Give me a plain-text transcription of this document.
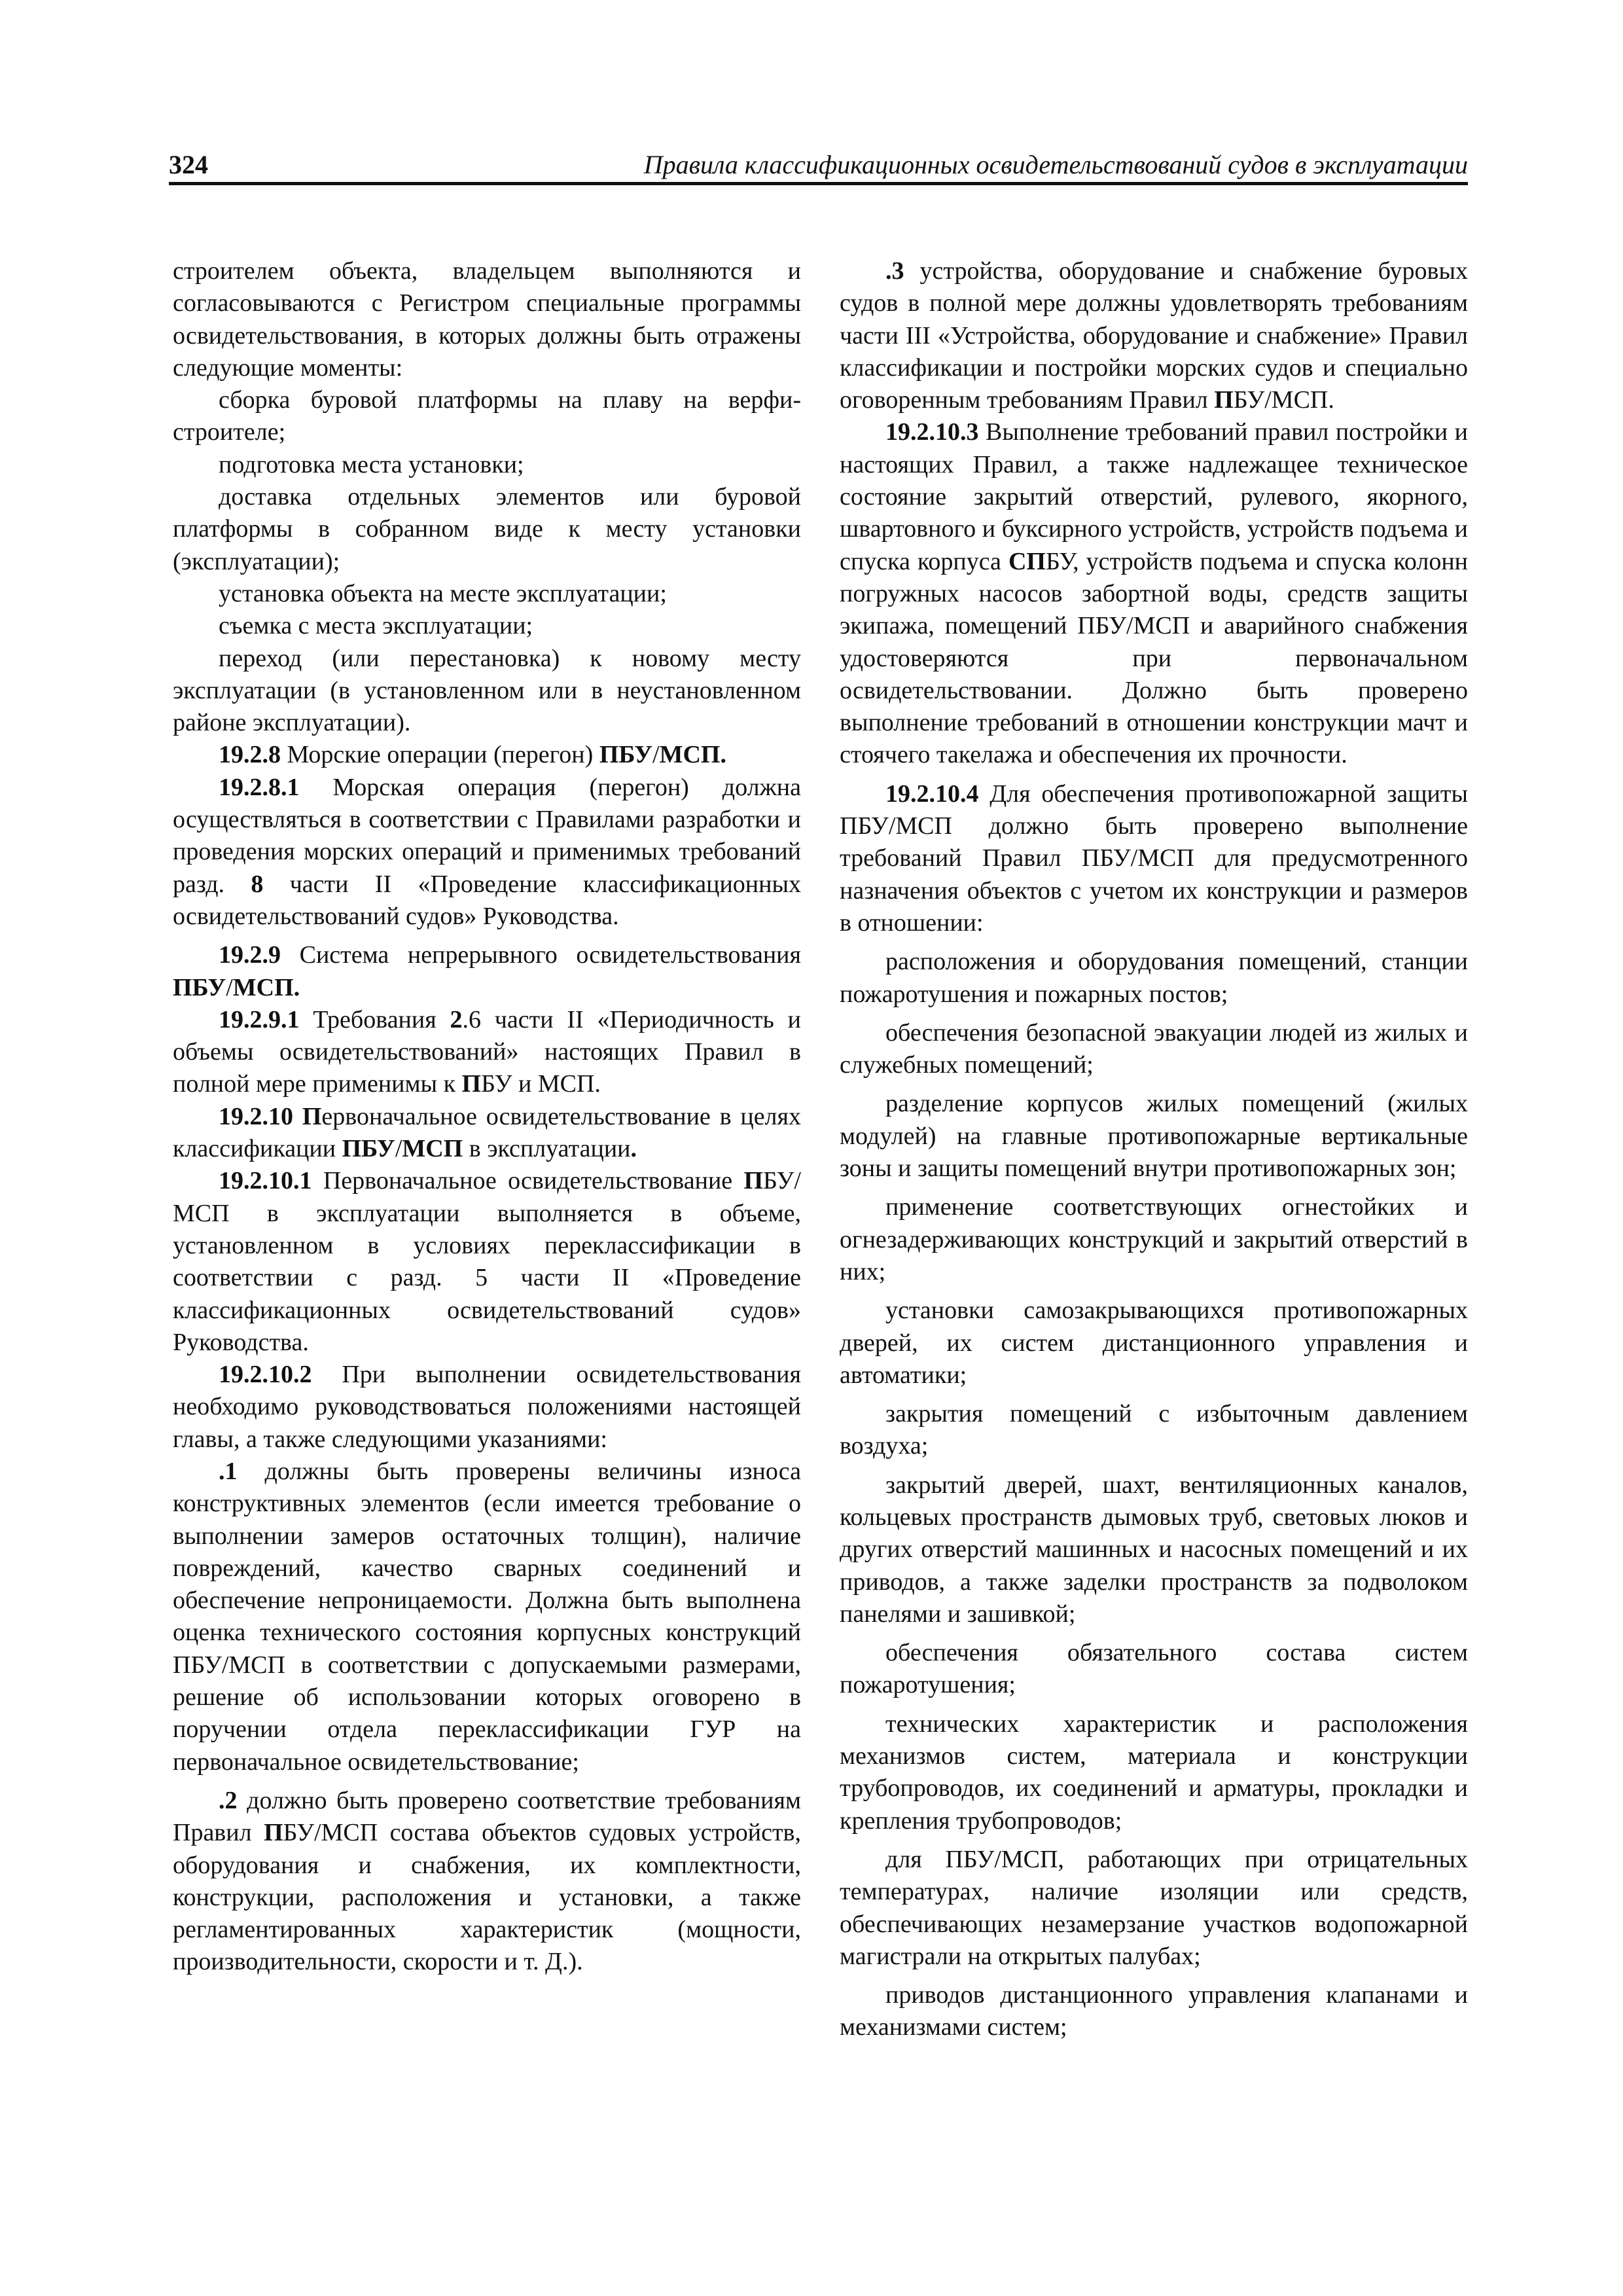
324	Правила классификационных освидетельствований судов в эксплуатации

строителем объекта, владельцем выполняются и согласовываются с Регистром специальные программы освидетельствования, в которых должны быть отражены следующие моменты:

сборка буровой платформы на плаву на верфи-строителе;

подготовка места установки;

доставка отдельных элементов или буровой платформы в собранном виде к месту установки (эксплуатации);

установка объекта на месте эксплуатации;

съемка с места эксплуатации;

переход (или перестановка) к новому месту эксплуатации (в установленном или в неустановленном районе эксплуатации).

19.2.8 Морские операции (перегон) ПБУ/МСП.

19.2.8.1 Морская операция (перегон) должна осуществляться в соответствии с Правилами разработки и проведения морских операций и применимых требований разд. 8 части II «Проведение классификационных освидетельствований судов» Руководства.

19.2.9 Система непрерывного освидетельствования ПБУ/МСП.

19.2.9.1 Требования 2.6 части II «Периодичность и объемы освидетельствований» настоящих Правил в полной мере применимы к ПБУ и МСП.

19.2.10 Первоначальное освидетельствование в целях классификации ПБУ/МСП в эксплуатации.

19.2.10.1 Первоначальное освидетельствование ПБУ/МСП в эксплуатации выполняется в объеме, установленном в условиях переклассификации в соответствии с разд. 5 части II «Проведение классификационных освидетельствований судов» Руководства.

19.2.10.2 При выполнении освидетельствования необходимо руководствоваться положениями настоящей главы, а также следующими указаниями:

.1 должны быть проверены величины износа конструктивных элементов (если имеется требование о выполнении замеров остаточных толщин), наличие повреждений, качество сварных соединений и обеспечение непроницаемости. Должна быть выполнена оценка технического состояния корпусных конструкций ПБУ/МСП в соответствии с допускаемыми размерами, решение об использовании которых оговорено в поручении отдела переклассификации ГУР на первоначальное освидетельствование;

.2 должно быть проверено соответствие требованиям Правил ПБУ/МСП состава объектов судовых устройств, оборудования и снабжения, их комплектности, конструкции, расположения и установки, а также регламентированных характеристик (мощности, производительности, скорости и т. Д.).

.3 устройства, оборудование и снабжение буровых судов в полной мере должны удовлетворять требованиям части III «Устройства, оборудование и снабжение» Правил классификации и постройки морских судов и специально оговоренным требованиям Правил ПБУ/МСП.

19.2.10.3 Выполнение требований правил постройки и настоящих Правил, а также надлежащее техническое состояние закрытий отверстий, рулевого, якорного, швартовного и буксирного устройств, устройств подъема и спуска корпуса СПБУ, устройств подъема и спуска колонн погружных насосов забортной воды, средств защиты экипажа, помещений ПБУ/МСП и аварийного снабжения удостоверяются при первоначальном освидетельствовании. Должно быть проверено выполнение требований в отношении конструкции мачт и стоячего такелажа и обеспечения их прочности.

19.2.10.4 Для обеспечения противопожарной защиты ПБУ/МСП должно быть проверено выполнение требований Правил ПБУ/МСП для предусмотренного назначения объектов с учетом их конструкции и размеров в отношении:

расположения и оборудования помещений, станции пожаротушения и пожарных постов;

обеспечения безопасной эвакуации людей из жилых и служебных помещений;

разделение корпусов жилых помещений (жилых модулей) на главные противопожарные вертикальные зоны и защиты помещений внутри противопожарных зон;

применение соответствующих огнестойких и огнезадерживающих конструкций и закрытий отверстий в них;

установки самозакрывающихся противопожарных дверей, их систем дистанционного управления и автоматики;

закрытия помещений с избыточным давлением воздуха;

закрытий дверей, шахт, вентиляционных каналов, кольцевых пространств дымовых труб, световых люков и других отверстий машинных и насосных помещений и их приводов, а также заделки пространств за подволоком панелями и зашивкой;

обеспечения обязательного состава систем пожаротушения;

технических характеристик и расположения механизмов систем, материала и конструкции трубопроводов, их соединений и арматуры, прокладки и крепления трубопроводов;

для ПБУ/МСП, работающих при отрицательных температурах, наличие изоляции или средств, обеспечивающих незамерзание участков водопожарной магистрали на открытых палубах;

приводов дистанционного управления клапанами и механизмами систем;
